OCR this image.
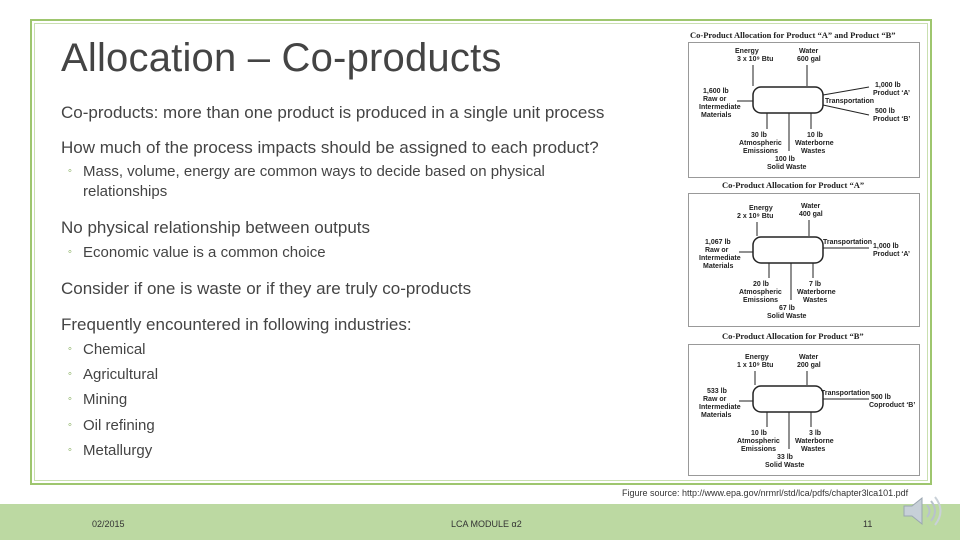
Allocation – Co-products
Co-products: more than one product is produced in a single unit process
How much of the process impacts should be assigned to each product?
◦ Mass, volume, energy are common ways to decide based on physical
relationships
No physical relationship between outputs
◦ Economic value is a common choice
Consider if one is waste or if they are truly co-products
Frequently encountered in following industries:
◦ Chemical
◦ Agricultural
◦ Mining
◦ Oil refining
◦ Metallurgy
Co-Product Allocation for Product “A” and Product “B”
Energy
3 x 10⁹ Btu
Water
600 gal
1,600 lb
Raw or
Intermediate
Materials
Transportation
1,000 lb
Product ‘A’
500 lb
Product ‘B’
30 lb
Atmospheric
Emissions
10 lb
Waterborne
Wastes
100 lb
Solid Waste
Co-Product Allocation for Product “A”
Energy
2 x 10⁹ Btu
Water
400 gal
1,067 lb
Raw or
Intermediate
Materials
Transportation
1,000 lb
Product ‘A’
20 lb
Atmospheric
Emissions
7 lb
Waterborne
Wastes
67 lb
Solid Waste
Co-Product Allocation for Product “B”
Energy
1 x 10⁹ Btu
Water
200 gal
533 lb
Raw or
Intermediate
Materials
Transportation
500 lb
Coproduct ‘B’
10 lb
Atmospheric
Emissions
3 lb
Waterborne
Wastes
33 lb
Solid Waste
Figure source: http://www.epa.gov/nrmrl/std/lca/pdfs/chapter3lca101.pdf
02/2015	LCA MODULE α2	11
